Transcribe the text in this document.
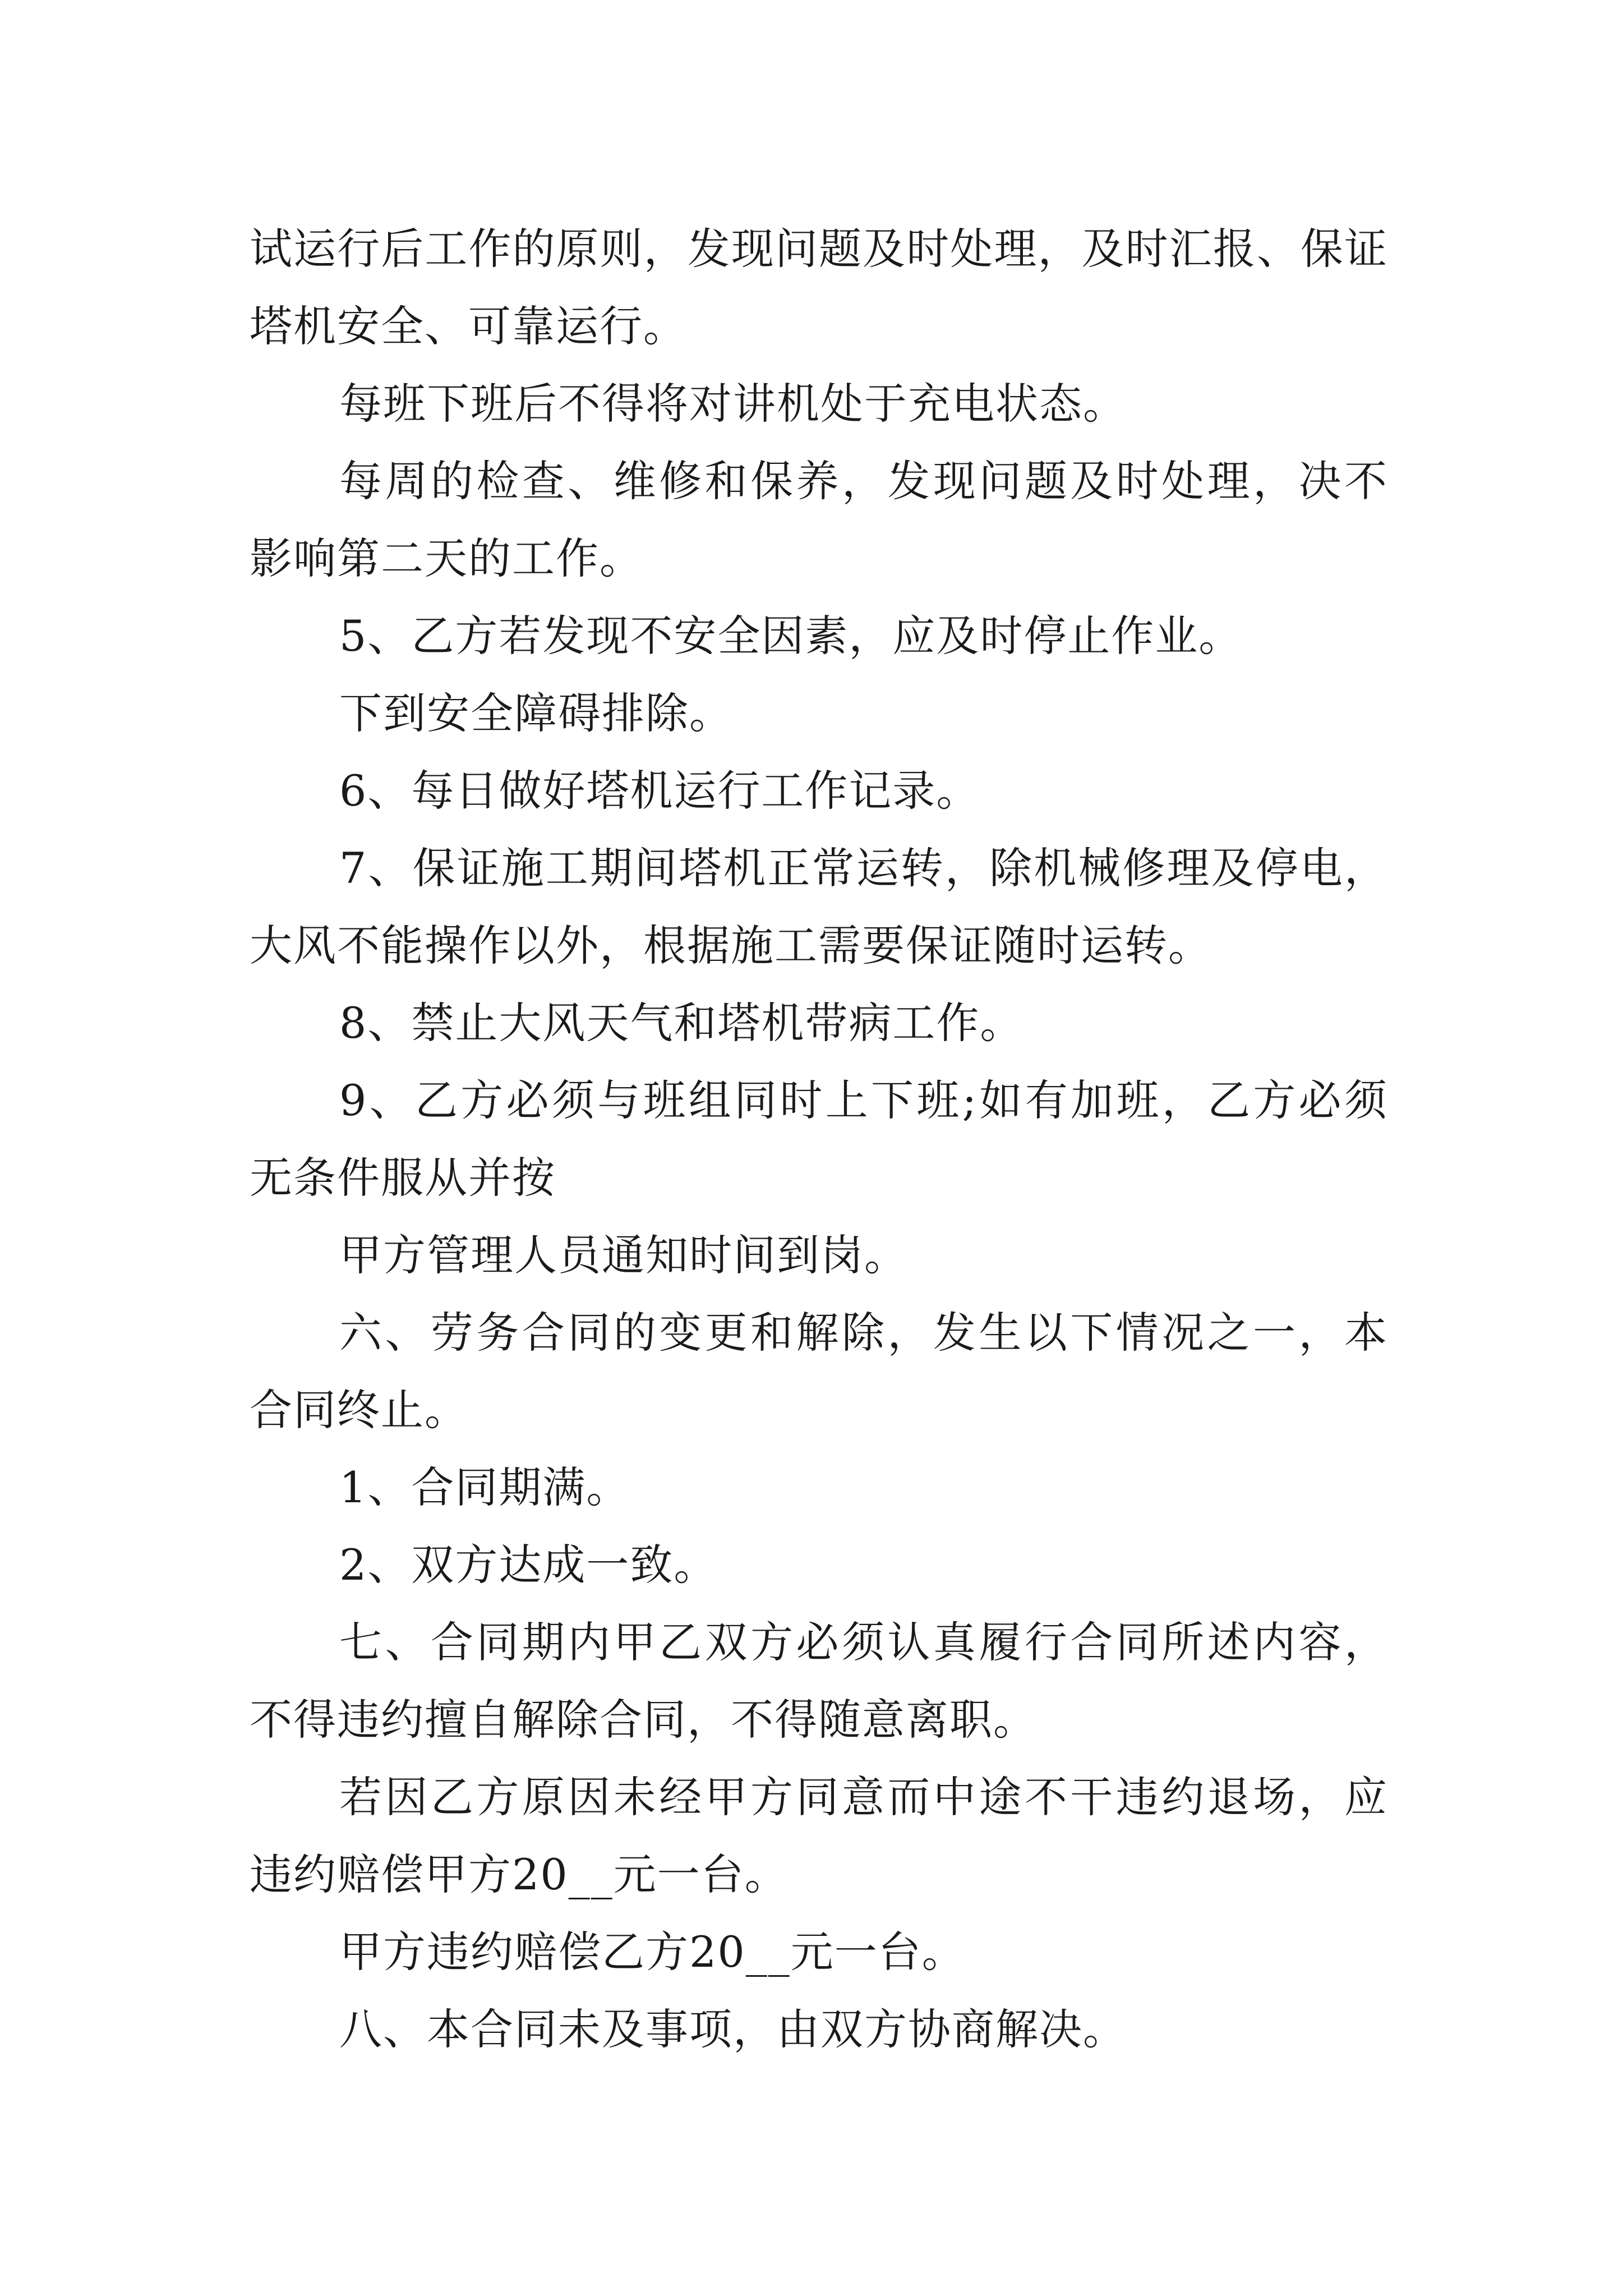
试运行后工作的原则，发现问题及时处理，及时汇报、保证塔机安全、可靠运行。

每班下班后不得将对讲机处于充电状态。

每周的检查、维修和保养，发现问题及时处理，决不影响第二天的工作。

5、乙方若发现不安全因素，应及时停止作业。

下到安全障碍排除。

6、每日做好塔机运行工作记录。

7、保证施工期间塔机正常运转，除机械修理及停电，大风不能操作以外，根据施工需要保证随时运转。

8、禁止大风天气和塔机带病工作。

9、乙方必须与班组同时上下班;如有加班，乙方必须无条件服从并按

甲方管理人员通知时间到岗。

六、劳务合同的变更和解除，发生以下情况之一，本合同终止。

1、合同期满。

2、双方达成一致。

七、合同期内甲乙双方必须认真履行合同所述内容，不得违约擅自解除合同，不得随意离职。

若因乙方原因未经甲方同意而中途不干违约退场，应违约赔偿甲方20__元一台。

甲方违约赔偿乙方20__元一台。

八、本合同未及事项，由双方协商解决。
